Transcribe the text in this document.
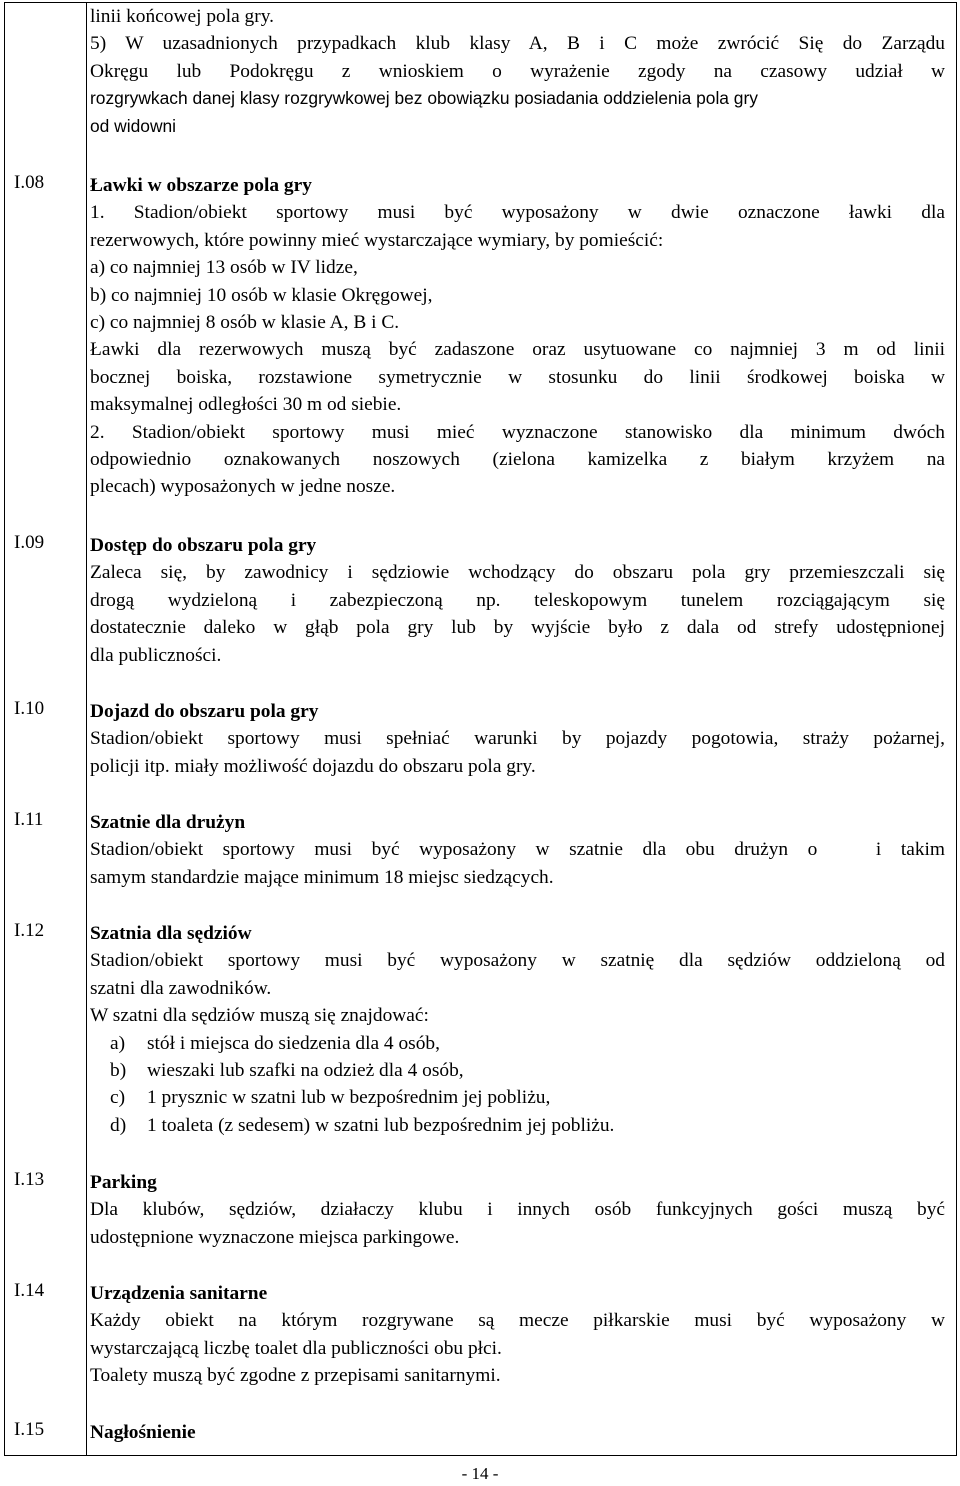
linii końcowej pola gry.
5) W uzasadnionych przypadkach klub klasy A, B i C może zwrócić Się do Zarządu
Okręgu lub Podokręgu z wnioskiem o wyrażenie zgody na czasowy udział w
rozgrywkach danej klasy rozgrywkowej bez obowiązku posiadania oddzielenia pola gry
od widowni
I.08 Ławki w obszarze pola gry
1. Stadion/obiekt sportowy musi być wyposażony w dwie oznaczone ławki dla
rezerwowych, które powinny mieć wystarczające wymiary, by pomieścić:
a) co najmniej 13 osób w IV lidze,
b) co najmniej 10 osób w klasie Okręgowej,
c) co najmniej 8 osób w klasie A, B i C.
Ławki dla rezerwowych muszą być zadaszone oraz usytuowane co najmniej 3 m od linii
bocznej boiska, rozstawione symetrycznie w stosunku do linii środkowej boiska w
maksymalnej odległości 30 m od siebie.
2. Stadion/obiekt sportowy musi mieć wyznaczone stanowisko dla minimum dwóch
odpowiednio oznakowanych noszowych (zielona kamizelka z białym krzyżem na
plecach) wyposażonych w jedne nosze.
I.09 Dostęp do obszaru pola gry
Zaleca się, by zawodnicy i sędziowie wchodzący do obszaru pola gry przemieszczali się
drogą wydzieloną i zabezpieczoną np. teleskopowym tunelem rozciągającym się
dostatecznie daleko w głąb pola gry lub by wyjście było z dala od strefy udostępnionej
dla publiczności.
I.10 Dojazd do obszaru pola gry
Stadion/obiekt sportowy musi spełniać warunki by pojazdy pogotowia, straży pożarnej,
policji itp. miały możliwość dojazdu do obszaru pola gry.
I.11 Szatnie dla drużyn
Stadion/obiekt sportowy musi być wyposażony w szatnie dla obu drużyn o   i takim
samym standardzie mające minimum 18 miejsc siedzących.
I.12 Szatnia dla sędziów
Stadion/obiekt sportowy musi być wyposażony w szatnię dla sędziów oddzieloną od
szatni dla zawodników.
W szatni dla sędziów muszą się znajdować:
a) stół i miejsca do siedzenia dla 4 osób,
b) wieszaki lub szafki na odzież dla 4 osób,
c) 1 prysznic w szatni lub w bezpośrednim jej pobliżu,
d) 1 toaleta (z sedesem) w szatni lub bezpośrednim jej pobliżu.
I.13 Parking
Dla klubów, sędziów, działaczy klubu i innych osób funkcyjnych gości muszą być
udostępnione wyznaczone miejsca parkingowe.
I.14 Urządzenia sanitarne
Każdy obiekt na którym rozgrywane są mecze piłkarskie musi być wyposażony w
wystarczającą liczbę toalet dla publiczności obu płci.
Toalety muszą być zgodne z przepisami sanitarnymi.
I.15 Nagłośnienie
- 14 -
